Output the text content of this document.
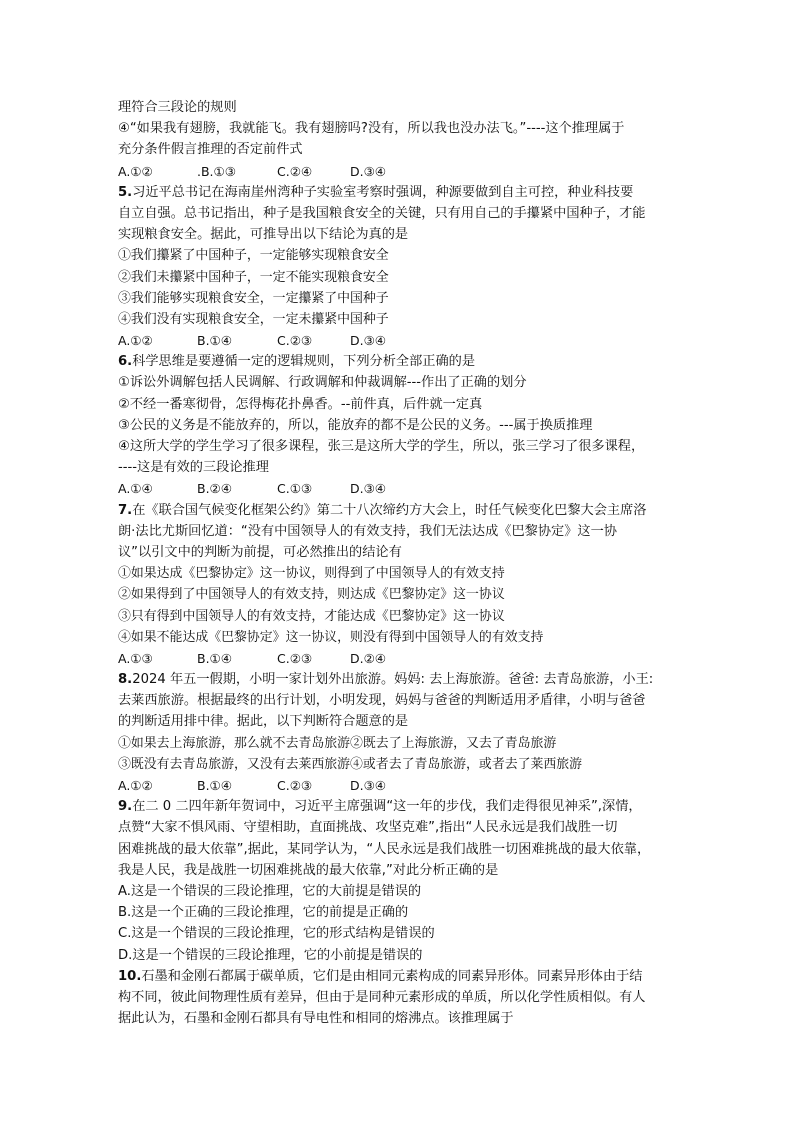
理符合三段论的规则
④“如果我有翅膀，我就能飞。我有翅膀吗?没有，所以我也没办法飞。”----这个推理属于
充分条件假言推理的否定前件式
A.①②	.B.①③	C.②④	D.③④
5.习近平总书记在海南崖州湾种子实验室考察时强调，种源要做到自主可控，种业科技要
自立自强。总书记指出，种子是我国粮食安全的关键，只有用自己的手攥紧中国种子，才能
实现粮食安全。据此，可推导出以下结论为真的是
①我们攥紧了中国种子，一定能够实现粮食安全
②我们未攥紧中国种子，一定不能实现粮食安全
③我们能够实现粮食安全，一定攥紧了中国种子
④我们没有实现粮食安全，一定未攥紧中国种子
A.①②	B.①④	C.②③	D.③④
6.科学思维是要遵循一定的逻辑规则，下列分析全部正确的是
①诉讼外调解包括人民调解、行政调解和仲裁调解---作出了正确的划分
②不经一番寒彻骨，怎得梅花扑鼻香。--前件真，后件就一定真
③公民的义务是不能放弃的，所以，能放弃的都不是公民的义务。---属于换质推理
④这所大学的学生学习了很多课程，张三是这所大学的学生，所以，张三学习了很多课程，
----这是有效的三段论推理
A.①④	B.②④	C.①③	D.③④
7.在《联合国气候变化框架公约》第二十八次缔约方大会上，时任气候变化巴黎大会主席洛
朗·法比尤斯回忆道：“没有中国领导人的有效支持，我们无法达成《巴黎协定》这一协
议”以引文中的判断为前提，可必然推出的结论有
①如果达成《巴黎协定》这一协议，则得到了中国领导人的有效支持
②如果得到了中国领导人的有效支持，则达成《巴黎协定》这一协议
③只有得到中国领导人的有效支持，才能达成《巴黎协定》这一协议
④如果不能达成《巴黎协定》这一协议，则没有得到中国领导人的有效支持
A.①③	B.①④	C.②③	D.②④
8.2024 年五一假期，小明一家计划外出旅游。妈妈: 去上海旅游。爸爸: 去青岛旅游，小王:
去莱西旅游。根据最终的出行计划，小明发现，妈妈与爸爸的判断适用矛盾律，小明与爸爸
的判断适用排中律。据此，以下判断符合题意的是
①如果去上海旅游，那么就不去青岛旅游②既去了上海旅游，又去了青岛旅游
③既没有去青岛旅游，又没有去莱西旅游④或者去了青岛旅游，或者去了莱西旅游
A.①②	B.①④	C.②③	D.③④
9.在二 0 二四年新年贺词中，习近平主席强调“这一年的步伐，我们走得很见神采”,深情，
点赞“大家不惧风雨、守望相助，直面挑战、攻坚克难”,指出“人民永远是我们战胜一切
困难挑战的最大依靠”,据此，某同学认为，“人民永远是我们战胜一切困难挑战的最大依靠，
我是人民，我是战胜一切困难挑战的最大依靠,”对此分析正确的是
A.这是一个错误的三段论推理，它的大前提是错误的
B.这是一个正确的三段论推理，它的前提是正确的
C.这是一个错误的三段论推理，它的形式结构是错误的
D.这是一个错误的三段论推理，它的小前提是错误的
10.石墨和金刚石都属于碳单质，它们是由相同元素构成的同素异形体。同素异形体由于结
构不同，彼此间物理性质有差异，但由于是同种元素形成的单质，所以化学性质相似。有人
据此认为，石墨和金刚石都具有导电性和相同的熔沸点。该推理属于
